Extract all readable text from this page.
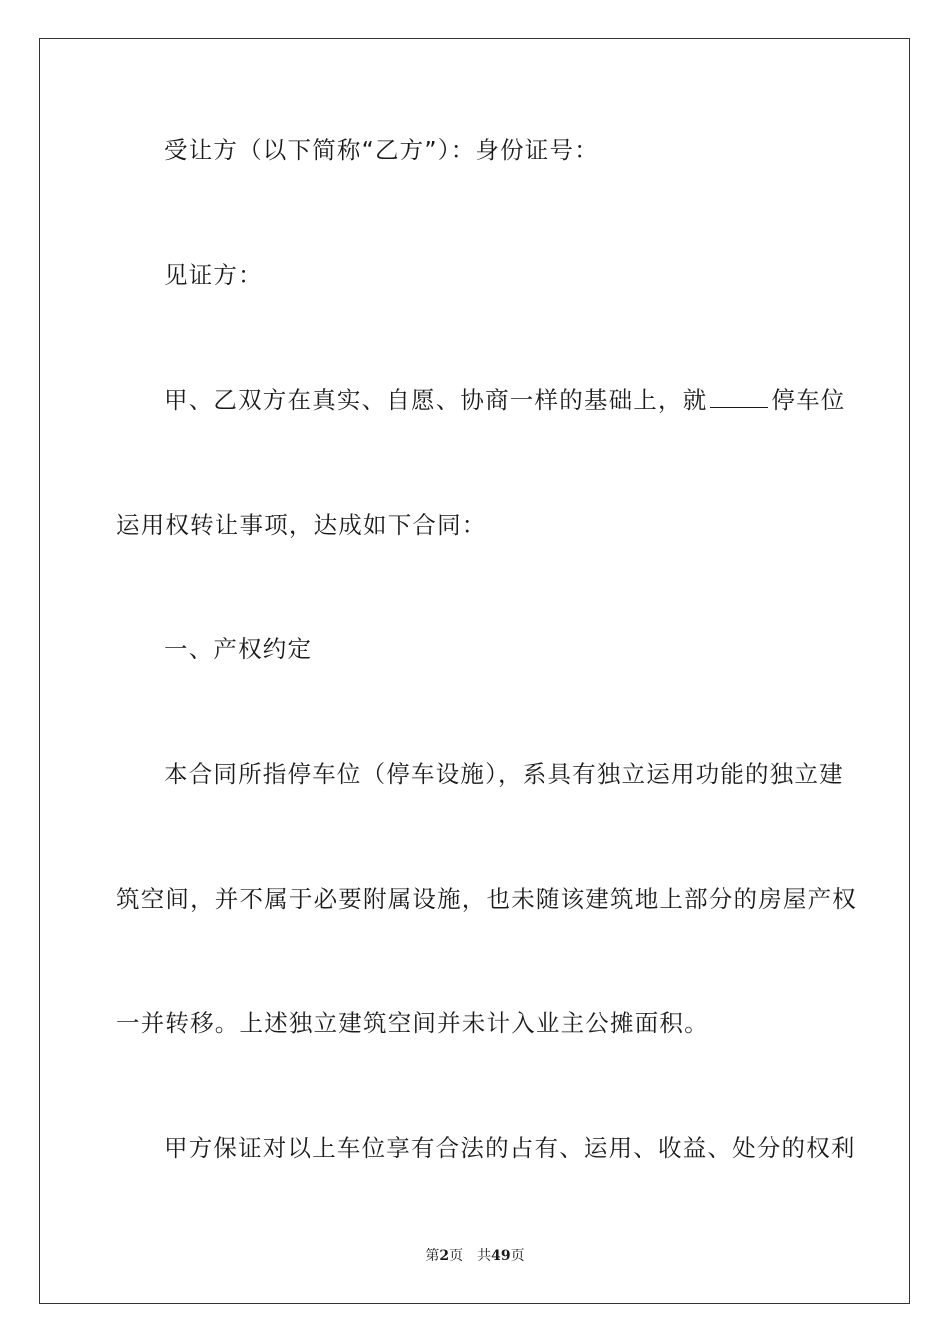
受让方（以下简称“乙方”）：身份证号：
见证方：
甲、乙双方在真实、自愿、协商一样的基础上，就	停车位
运用权转让事项，达成如下合同：
一、产权约定
本合同所指停车位（停车设施），系具有独立运用功能的独立建
筑空间，并不属于必要附属设施，也未随该建筑地上部分的房屋产权
一并转移。上述独立建筑空间并未计入业主公摊面积。
甲方保证对以上车位享有合法的占有、运用、收益、处分的权利
第2页 共49页
